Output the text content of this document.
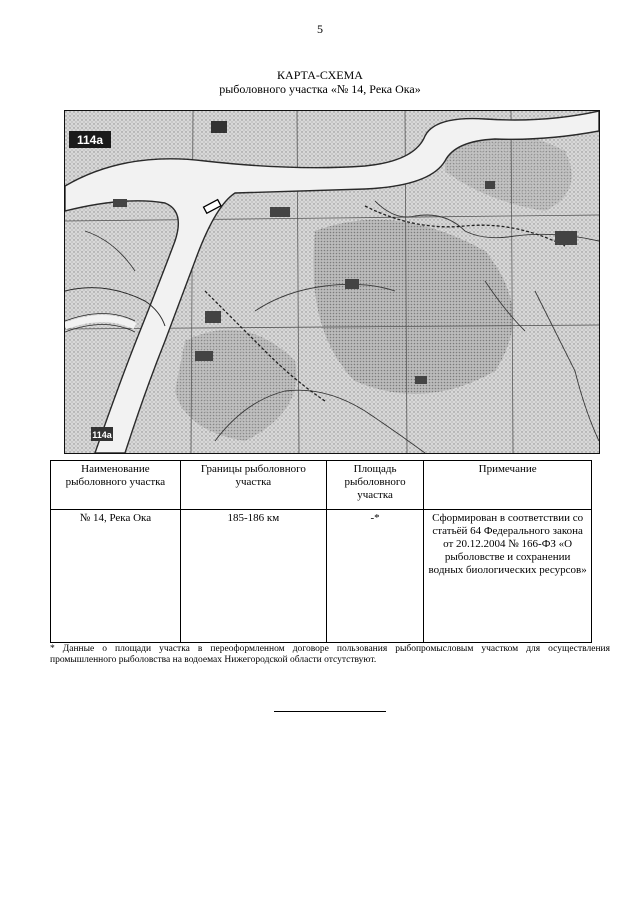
5
КАРТА-СХЕМА
рыболовного участка «№ 14, Река Ока»
114а
114а
Наименование рыболовного участка	Границы рыболовного участка	Площадь рыболовного участка	Примечание
№ 14, Река Ока	185-186 км	-*	Сформирован в соответствии со статьёй 64 Федерального закона от 20.12.2004 № 166-ФЗ «О рыболовстве и сохранении водных биологических ресурсов»
* Данные о площади участка в переоформленном договоре пользования рыбопромысловым участком для осуществления промышленного рыболовства на водоемах Нижегородской области отсутствуют.
